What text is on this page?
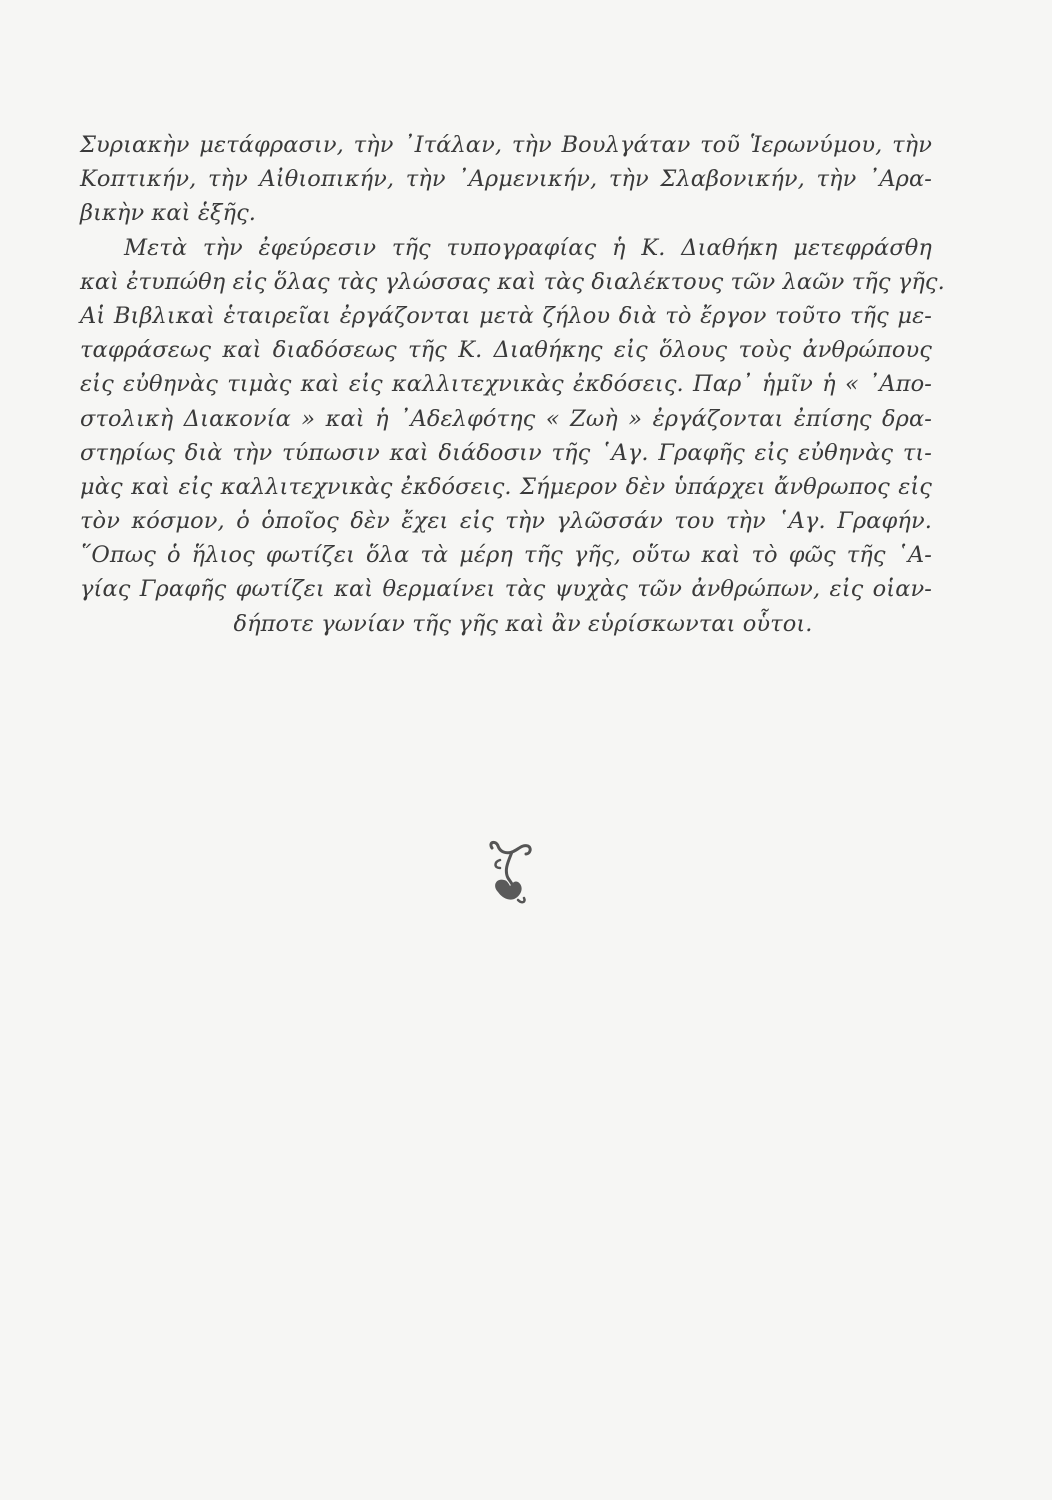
Συριακὴν μετάφρασιν, τὴν ᾿Ιτάλαν, τὴν Βουλγάταν τοῦ Ἱερωνύμου, τὴν
Κοπτικήν, τὴν Αἰθιοπικήν, τὴν ᾿Αρμενικήν, τὴν Σλαβονικήν, τὴν ᾿Αρα-
βικὴν καὶ ἑξῆς.
Μετὰ τὴν ἐφεύρεσιν τῆς τυπογραφίας ἡ Κ. Διαθήκη μετεφράσθη
καὶ ἐτυπώθη εἰς ὅλας τὰς γλώσσας καὶ τὰς διαλέκτους τῶν λαῶν τῆς γῆς.
Αἱ Βιβλικαὶ ἑταιρεῖαι ἐργάζονται μετὰ ζήλου διὰ τὸ ἔργον τοῦτο τῆς με-
ταφράσεως καὶ διαδόσεως τῆς Κ. Διαθήκης εἰς ὅλους τοὺς ἀνθρώπους
εἰς εὐθηνὰς τιμὰς καὶ εἰς καλλιτεχνικὰς ἐκδόσεις. Παρ᾿ ἡμῖν ἡ « ᾿Απο-
στολικὴ Διακονία » καὶ ἡ ᾿Αδελφότης « Ζωὴ » ἐργάζονται ἐπίσης δρα-
στηρίως διὰ τὴν τύπωσιν καὶ διάδοσιν τῆς ῾Αγ. Γραφῆς εἰς εὐθηνὰς τι-
μὰς καὶ εἰς καλλιτεχνικὰς ἐκδόσεις. Σήμερον δὲν ὑπάρχει ἄνθρωπος εἰς
τὸν κόσμον, ὁ ὁποῖος δὲν ἔχει εἰς τὴν γλῶσσάν του τὴν ῾Αγ. Γραφήν.
῞Οπως ὁ ἥλιος φωτίζει ὅλα τὰ μέρη τῆς γῆς, οὕτω καὶ τὸ φῶς τῆς ῾Α-
γίας Γραφῆς φωτίζει καὶ θερμαίνει τὰς ψυχὰς τῶν ἀνθρώπων, εἰς οἱαν-
δήποτε γωνίαν τῆς γῆς καὶ ἂν εὑρίσκωνται οὗτοι.
